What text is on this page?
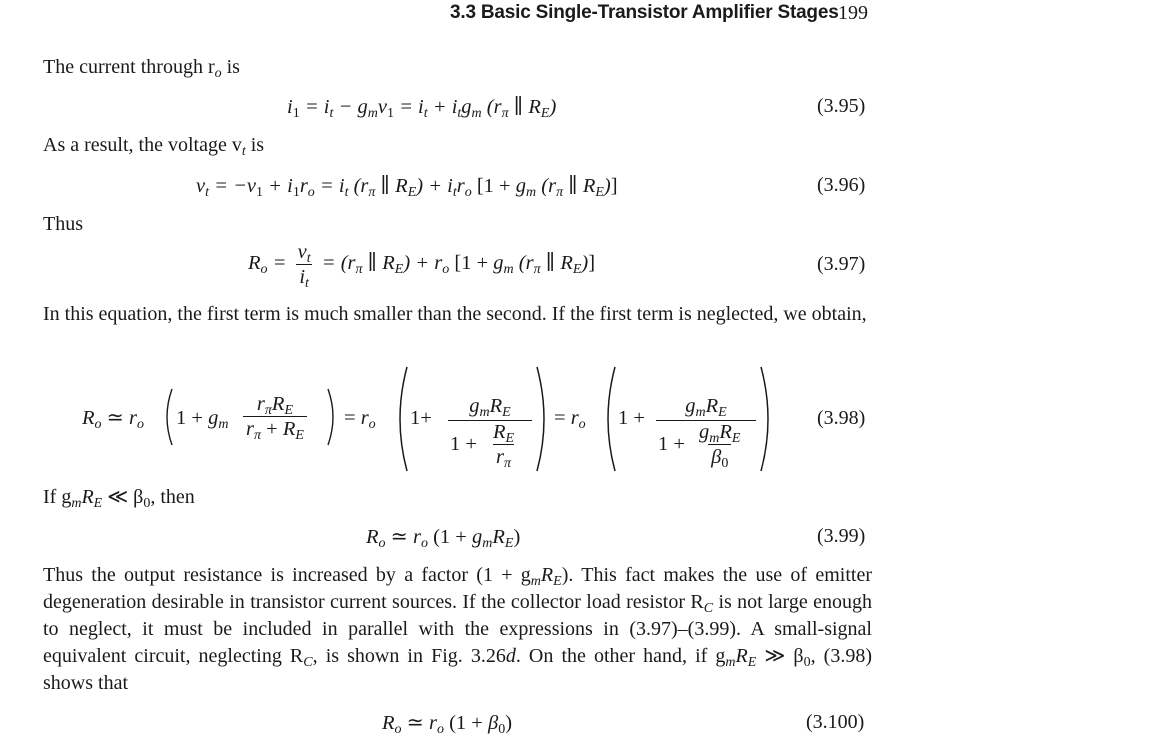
3.3 Basic Single-Transistor Amplifier Stages 199
The current through $r_o$ is
$i_1 = i_t - g_mv_1 = i_t + i_tg_m$ ($r_\pi$ ∥ $R_E$)	(3.95)
As a result, the voltage $v_t$ is
$v_t = -v_1 + i_1r_o = i_t$ ($r_\pi$ ∥ $R_E) + i_tr_o$ [$1 + g_m$ ($r_\pi$ ∥ $R_E$)]	(3.96)
Thus
$R_o = \frac{v_t}{i_t} = (r_\pi$ ∥ $R_E) + r_o$ [$1 + g_m$ ($r_\pi$ ∥ $R_E$)]	(3.97)
In this equation, the first term is much smaller than the second. If the first term is neglected, we obtain,
$R_o$ ≃ $r_o$ $1 + g_m \frac{r_\pi R_E}{r_\pi + R_E} = r_o$ 1+
$g_mR_E$
$1 + \frac{R_E}{r_\pi}$
= $r_o$ 1 +
$g_mR_E$
$1 + \frac{g_mR_E}{\beta_0}$
(3.98)
If $g_mR_E$ ≪ $\beta_0$, then
$R_o$ ≃ $r_o$ $(1 + g_mR_E)$	(3.99)
Thus the output resistance is increased by a factor $(1 + g_mR_E)$. This fact makes the use of emitter degeneration desirable in transistor current sources. If the collector load resistor $R_C$ is not large enough to neglect, it must be included in parallel with the expressions in (3.97)–(3.99). A small-signal equivalent circuit, neglecting $R_C$, is shown in Fig. 3.26d. On the other hand, if $g_mR_E$ ≫ $\beta_0$, (3.98) shows that
$R_o$ ≃ $r_o$ $(1 + \beta_0)$	(3.100)
